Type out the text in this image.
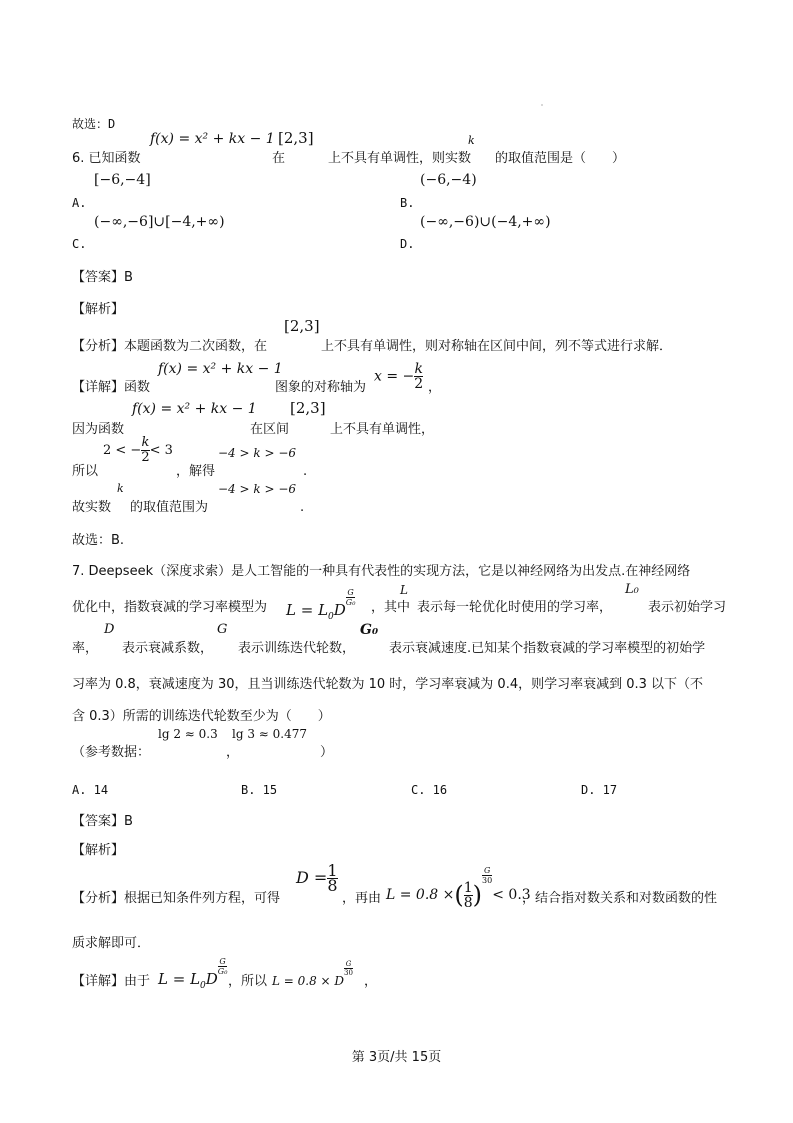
故选：D
f(x) = x² + kx − 1 [2,3]	k
6. 已知函数	在	上不具有单调性，则实数 的取值范围是（　　）
[−6,−4]
A.
(−6,−4)
B.
(−∞,−6]∪[−4,+∞)
C.
(−∞,−6)∪(−4,+∞)
D.
【答案】B
【解析】
[2,3]
【分析】本题函数为二次函数，在	上不具有单调性，则对称轴在区间中间，列不等式进行求解．
f(x) = x² + kx − 1	x = − $\frac{k}{2}$
【详解】函数	图象的对称轴为	，
f(x) = x² + kx − 1 [2,3]
因为函数	在区间	上不具有单调性，
2 < − $\frac{k}{2} < 3$	−4 > k > −6
所以	，解得	.
k	−4 > k > −6
故实数 的取值范围为	.
故选：B.
7. Deepseek（深度求索）是人工智能的一种具有代表性的实现方法，它是以神经网络为出发点.在神经网络
L	L₀
$L = L_0D$
$\frac{G}{\text{G₀}}$
优化中，指数衰减的学习率模型为	，其中 表示每一轮优化时使用的学习率，	表示初始学习
D	G	G₀
率， 表示衰减系数， 表示训练迭代轮数，	表示衰减速度.已知某个指数衰减的学习率模型的初始学
习率为 0.8，衰减速度为 30，且当训练迭代轮数为 10 时，学习率衰减为 0.4，则学习率衰减到 0.3 以下（不
含 0.3）所需的训练迭代轮数至少为（　　）
lg 2 ≈ 0.3 lg 3 ≈ 0.477
（参考数据：	，	）
A. 14	B. 15	C. 16	D. 17
【答案】B
【解析】
$D = \frac{1}{8}$
L = 0.8 ×( $\frac{1}{8}$ )
$\frac{G}{30}$
< 0.3
【分析】根据已知条件列方程，可得	，再由	，结合指对数关系和对数函数的性
质求解即可．
$L = L_0D$
$\frac{G}{\text{G₀}}$
L = 0.8 × D
$\frac{G}{30}$
【详解】由于	，所以	，
第 3页/共 15页
